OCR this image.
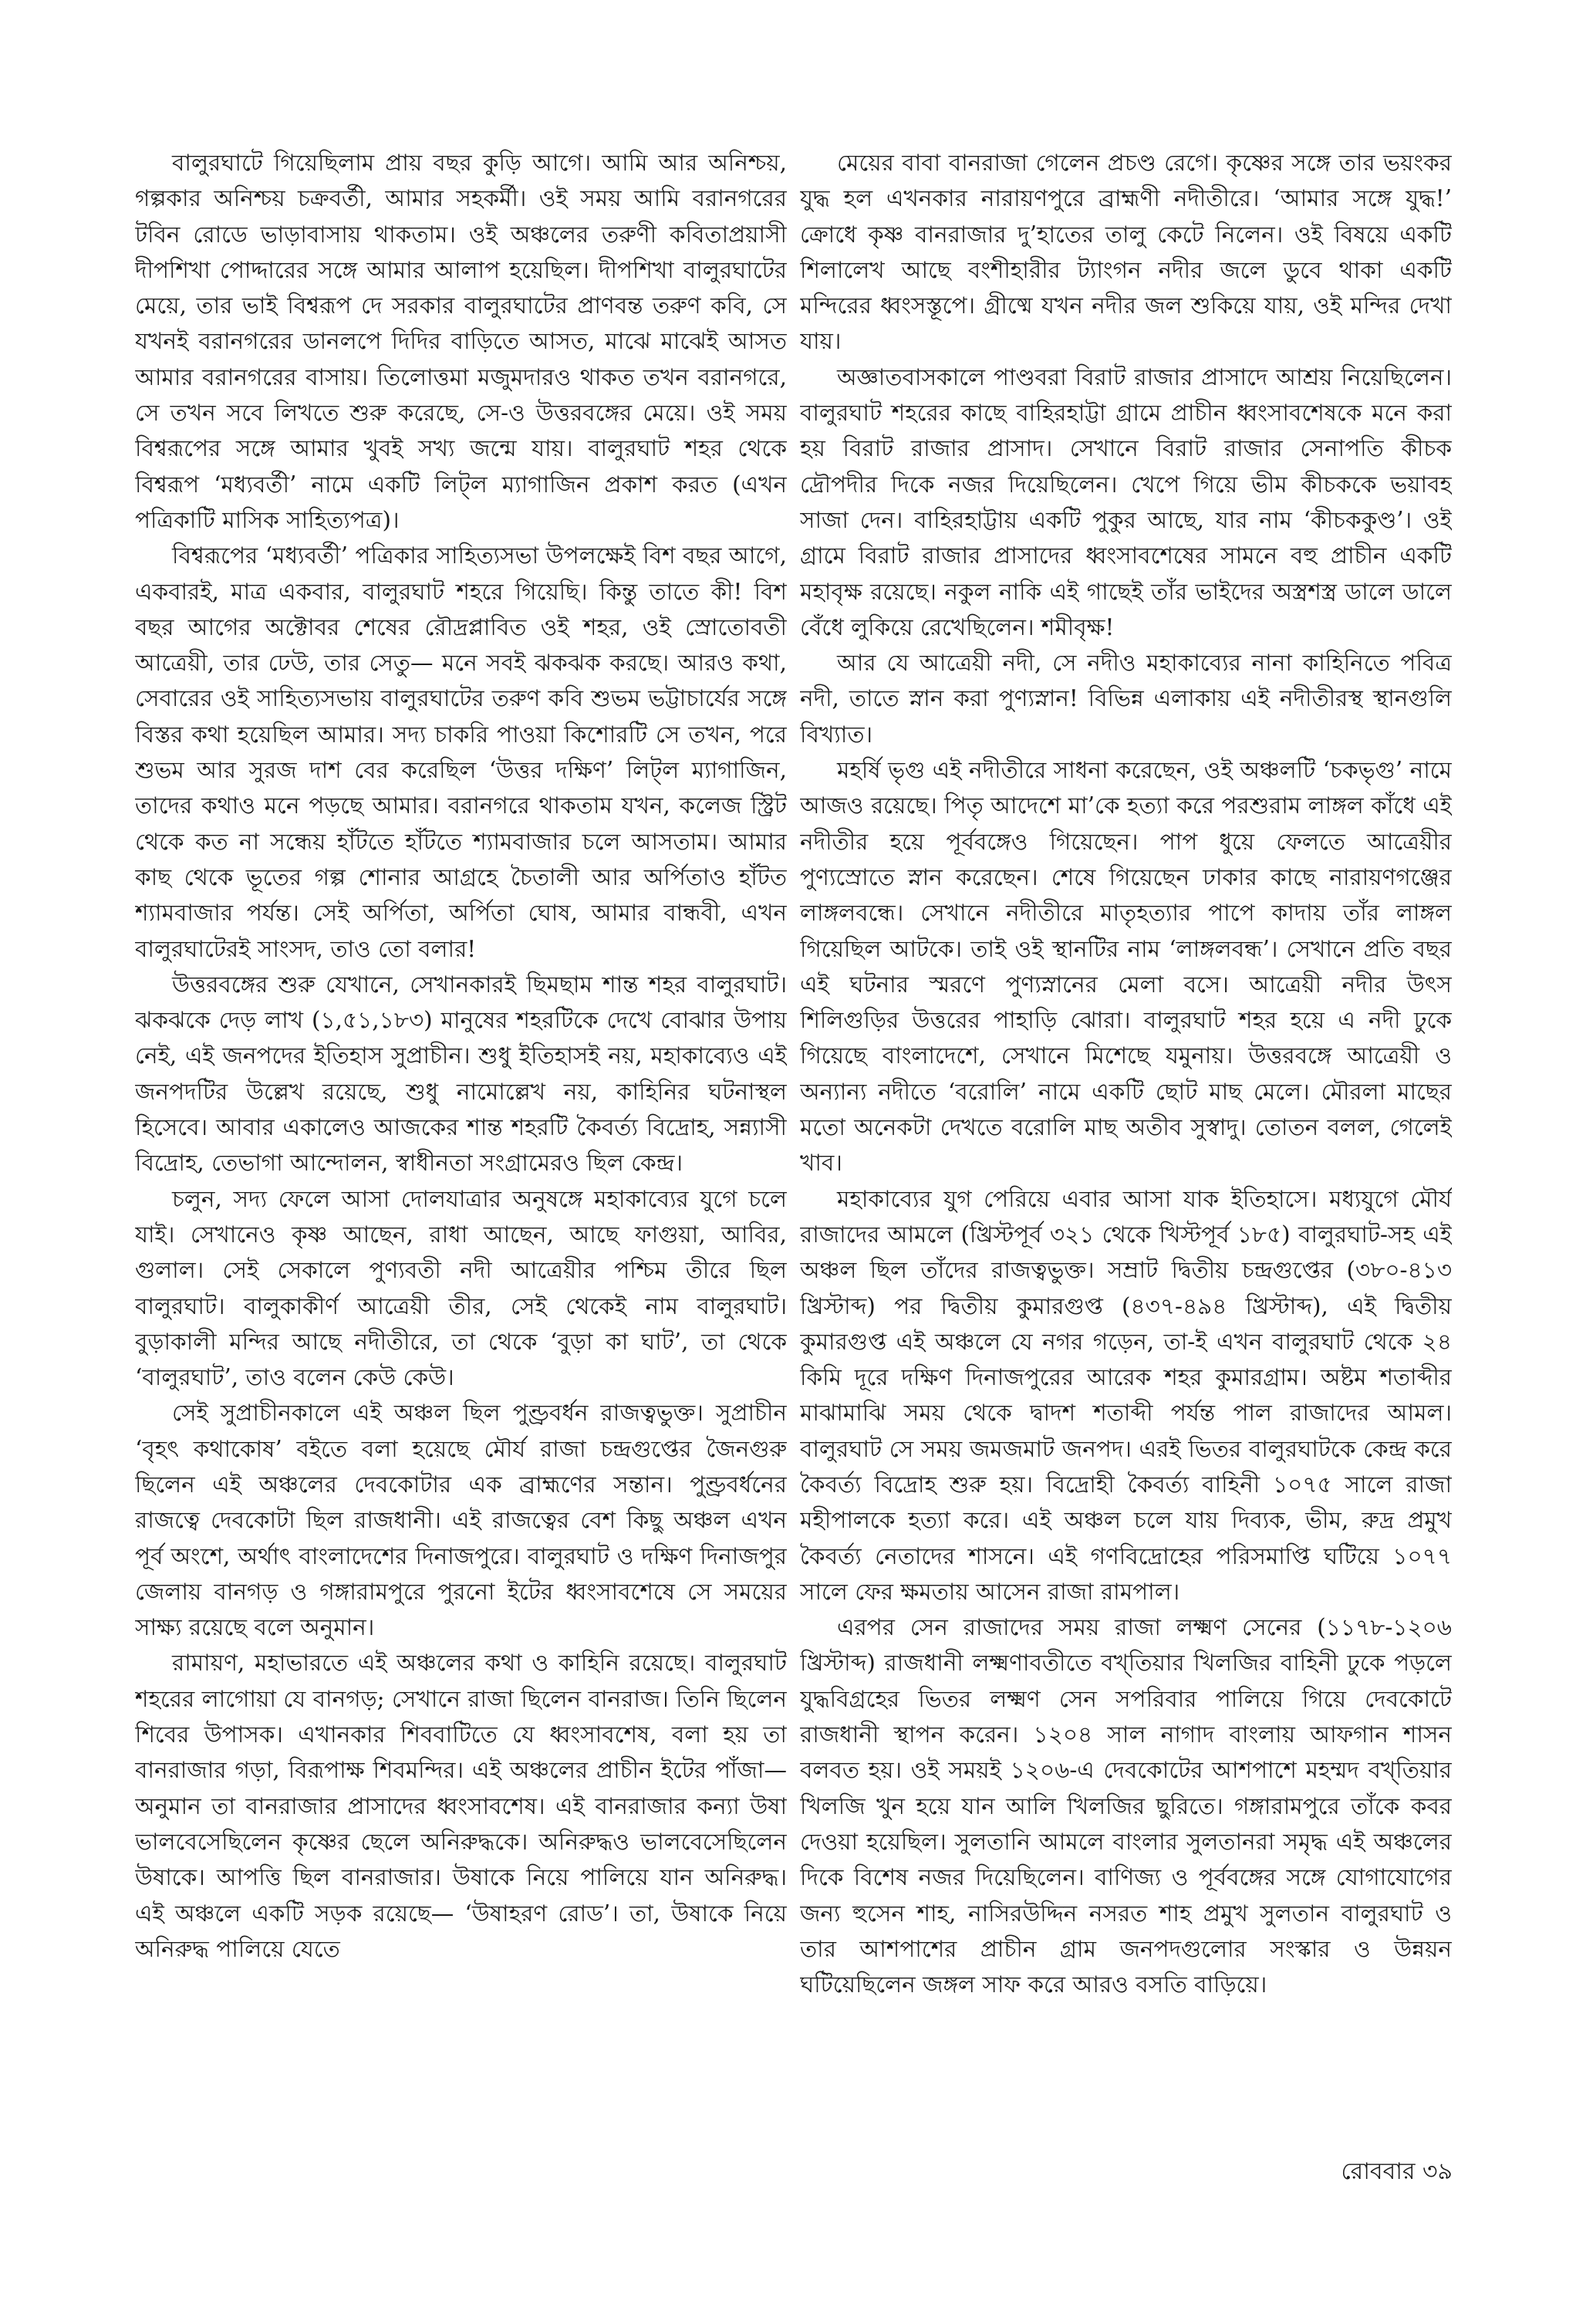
বালুরঘাটে গিয়েছিলাম প্রায় বছর কুড়ি আগে। আমি আর অনিশ্চয়, গল্পকার অনিশ্চয় চক্রবর্তী, আমার সহকর্মী। ওই সময় আমি বরানগরের টবিন রোডে ভাড়াবাসায় থাকতাম। ওই অঞ্চলের তরুণী কবিতাপ্রয়াসী দীপশিখা পোদ্দারের সঙ্গে আমার আলাপ হয়েছিল। দীপশিখা বালুরঘাটের মেয়ে, তার ভাই বিশ্বরূপ দে সরকার বালুরঘাটের প্রাণবন্ত তরুণ কবি, সে যখনই বরানগরের ডানলপে দিদির বাড়িতে আসত, মাঝে মাঝেই আসত আমার বরানগরের বাসায়। তিলোত্তমা মজুমদারও থাকত তখন বরানগরে, সে তখন সবে লিখতে শুরু করেছে, সে-ও উত্তরবঙ্গের মেয়ে। ওই সময় বিশ্বরূপের সঙ্গে আমার খুবই সখ্য জন্মে যায়। বালুরঘাট শহর থেকে বিশ্বরূপ ‘মধ্যবর্তী’ নামে একটি লিট্‌ল ম্যাগাজিন প্রকাশ করত (এখন পত্রিকাটি মাসিক সাহিত্যপত্র)।

বিশ্বরূপের ‘মধ্যবর্তী’ পত্রিকার সাহিত্যসভা উপলক্ষেই বিশ বছর আগে, একবারই, মাত্র একবার, বালুরঘাট শহরে গিয়েছি। কিন্তু তাতে কী! বিশ বছর আগের অক্টোবর শেষের রৌদ্রপ্লাবিত ওই শহর, ওই স্রোতোবতী আত্রেয়ী, তার ঢেউ, তার সেতু— মনে সবই ঝকঝক করছে। আরও কথা, সেবারের ওই সাহিত্যসভায় বালুরঘাটের তরুণ কবি শুভম ভট্টাচার্যের সঙ্গে বিস্তর কথা হয়েছিল আমার। সদ্য চাকরি পাওয়া কিশোরটি সে তখন, পরে শুভম আর সুরজ দাশ বের করেছিল ‘উত্তর দক্ষিণ’ লিট্‌ল ম্যাগাজিন, তাদের কথাও মনে পড়ছে আমার। বরানগরে থাকতাম যখন, কলেজ স্ট্রিট থেকে কত না সন্ধেয় হাঁটতে হাঁটতে শ্যামবাজার চলে আসতাম। আমার কাছ থেকে ভূতের গল্প শোনার আগ্রহে চৈতালী আর অর্পিতাও হাঁটত শ্যামবাজার পর্যন্ত। সেই অর্পিতা, অর্পিতা ঘোষ, আমার বান্ধবী, এখন বালুরঘাটেরই সাংসদ, তাও তো বলার!

উত্তরবঙ্গের শুরু যেখানে, সেখানকারই ছিমছাম শান্ত শহর বালুরঘাট। ঝকঝকে দেড় লাখ (১,৫১,১৮৩) মানুষের শহরটিকে দেখে বোঝার উপায় নেই, এই জনপদের ইতিহাস সুপ্রাচীন। শুধু ইতিহাসই নয়, মহাকাব্যেও এই জনপদটির উল্লেখ রয়েছে, শুধু নামোল্লেখ নয়, কাহিনির ঘটনাস্থল হিসেবে। আবার একালেও আজকের শান্ত শহরটি কৈবর্ত্য বিদ্রোহ, সন্ন্যাসী বিদ্রোহ, তেভাগা আন্দোলন, স্বাধীনতা সংগ্রামেরও ছিল কেন্দ্র।

চলুন, সদ্য ফেলে আসা দোলযাত্রার অনুষঙ্গে মহাকাব্যের যুগে চলে যাই। সেখানেও কৃষ্ণ আছেন, রাধা আছেন, আছে ফাগুয়া, আবির, গুলাল। সেই সেকালে পুণ্যবতী নদী আত্রেয়ীর পশ্চিম তীরে ছিল বালুরঘাট। বালুকাকীর্ণ আত্রেয়ী তীর, সেই থেকেই নাম বালুরঘাট। বুড়াকালী মন্দির আছে নদীতীরে, তা থেকে ‘বুড়া কা ঘাট’, তা থেকে ‘বালুরঘাট’, তাও বলেন কেউ কেউ।

সেই সুপ্রাচীনকালে এই অঞ্চল ছিল পুণ্ড্রবর্ধন রাজত্বভুক্ত। সুপ্রাচীন ‘বৃহৎ কথাকোষ’ বইতে বলা হয়েছে মৌর্য রাজা চন্দ্রগুপ্তের জৈনগুরু ছিলেন এই অঞ্চলের দেবকোটার এক ব্রাহ্মণের সন্তান। পুণ্ড্রবর্ধনের রাজত্বে দেবকোটা ছিল রাজধানী। এই রাজত্বের বেশ কিছু অঞ্চল এখন পূর্ব অংশে, অর্থাৎ বাংলাদেশের দিনাজপুরে। বালুরঘাট ও দক্ষিণ দিনাজপুর জেলায় বানগড় ও গঙ্গারামপুরে পুরনো ইটের ধ্বংসাবশেষে সে সময়ের সাক্ষ্য রয়েছে বলে অনুমান।

রামায়ণ, মহাভারতে এই অঞ্চলের কথা ও কাহিনি রয়েছে। বালুরঘাট শহরের লাগোয়া যে বানগড়; সেখানে রাজা ছিলেন বানরাজ। তিনি ছিলেন শিবের উপাসক। এখানকার শিববাটিতে যে ধ্বংসাবশেষ, বলা হয় তা বানরাজার গড়া, বিরূপাক্ষ শিবমন্দির। এই অঞ্চলের প্রাচীন ইটের পাঁজা— অনুমান তা বানরাজার প্রাসাদের ধ্বংসাবশেষ। এই বানরাজার কন্যা উষা ভালবেসেছিলেন কৃষ্ণের ছেলে অনিরুদ্ধকে। অনিরুদ্ধও ভালবেসেছিলেন উষাকে। আপত্তি ছিল বানরাজার। উষাকে নিয়ে পালিয়ে যান অনিরুদ্ধ। এই অঞ্চলে একটি সড়ক রয়েছে— ‘উষাহরণ রোড’। তা, উষাকে নিয়ে অনিরুদ্ধ পালিয়ে যেতে

মেয়ের বাবা বানরাজা গেলেন প্রচণ্ড রেগে। কৃষ্ণের সঙ্গে তার ভয়ংকর যুদ্ধ হল এখনকার নারায়ণপুরে ব্রাহ্মণী নদীতীরে। ‘আমার সঙ্গে যুদ্ধ!’ ক্রোধে কৃষ্ণ বানরাজার দু’হাতের তালু কেটে নিলেন। ওই বিষয়ে একটি শিলালেখ আছে বংশীহারীর ট্যাংগন নদীর জলে ডুবে থাকা একটি মন্দিরের ধ্বংসস্তূপে। গ্রীষ্মে যখন নদীর জল শুকিয়ে যায়, ওই মন্দির দেখা যায়।

অজ্ঞাতবাসকালে পাণ্ডবরা বিরাট রাজার প্রাসাদে আশ্রয় নিয়েছিলেন। বালুরঘাট শহরের কাছে বাহিরহাট্টা গ্রামে প্রাচীন ধ্বংসাবশেষকে মনে করা হয় বিরাট রাজার প্রাসাদ। সেখানে বিরাট রাজার সেনাপতি কীচক দ্রৌপদীর দিকে নজর দিয়েছিলেন। খেপে গিয়ে ভীম কীচককে ভয়াবহ সাজা দেন। বাহিরহাট্টায় একটি পুকুর আছে, যার নাম ‘কীচককুণ্ড’। ওই গ্রামে বিরাট রাজার প্রাসাদের ধ্বংসাবশেষের সামনে বহু প্রাচীন একটি মহাবৃক্ষ রয়েছে। নকুল নাকি এই গাছেই তাঁর ভাইদের অস্ত্রশস্ত্র ডালে ডালে বেঁধে লুকিয়ে রেখেছিলেন। শমীবৃক্ষ!

আর যে আত্রেয়ী নদী, সে নদীও মহাকাব্যের নানা কাহিনিতে পবিত্র নদী, তাতে স্নান করা পুণ্যস্নান! বিভিন্ন এলাকায় এই নদীতীরস্থ স্থানগুলি বিখ্যাত।

মহর্ষি ভৃগু এই নদীতীরে সাধনা করেছেন, ওই অঞ্চলটি ‘চকভৃগু’ নামে আজও রয়েছে। পিতৃ আদেশে মা’কে হত্যা করে পরশুরাম লাঙ্গল কাঁধে এই নদীতীর হয়ে পূর্ববঙ্গেও গিয়েছেন। পাপ ধুয়ে ফেলতে আত্রেয়ীর পুণ্যস্রোতে স্নান করেছেন। শেষে গিয়েছেন ঢাকার কাছে নারায়ণগঞ্জের লাঙ্গলবন্ধে। সেখানে নদীতীরে মাতৃহত্যার পাপে কাদায় তাঁর লাঙ্গল গিয়েছিল আটকে। তাই ওই স্থানটির নাম ‘লাঙ্গলবন্ধ’। সেখানে প্রতি বছর এই ঘটনার স্মরণে পুণ্যস্নানের মেলা বসে। আত্রেয়ী নদীর উৎস শিলিগুড়ির উত্তরের পাহাড়ি ঝোরা। বালুরঘাট শহর হয়ে এ নদী ঢুকে গিয়েছে বাংলাদেশে, সেখানে মিশেছে যমুনায়। উত্তরবঙ্গে আত্রেয়ী ও অন্যান্য নদীতে ‘বরোলি’ নামে একটি ছোট মাছ মেলে। মৌরলা মাছের মতো অনেকটা দেখতে বরোলি মাছ অতীব সুস্বাদু। তোতন বলল, গেলেই খাব।

মহাকাব্যের যুগ পেরিয়ে এবার আসা যাক ইতিহাসে। মধ্যযুগে মৌর্য রাজাদের আমলে (খ্রিস্টপূর্ব ৩২১ থেকে খিস্টপূর্ব ১৮৫) বালুরঘাট-সহ এই অঞ্চল ছিল তাঁদের রাজত্বভুক্ত। সম্রাট দ্বিতীয় চন্দ্রগুপ্তের (৩৮০-৪১৩ খ্রিস্টাব্দ) পর দ্বিতীয় কুমারগুপ্ত (৪৩৭-৪৯৪ খ্রিস্টাব্দ), এই দ্বিতীয় কুমারগুপ্ত এই অঞ্চলে যে নগর গড়েন, তা-ই এখন বালুরঘাট থেকে ২৪ কিমি দূরে দক্ষিণ দিনাজপুরের আরেক শহর কুমারগ্রাম। অষ্টম শতাব্দীর মাঝামাঝি সময় থেকে দ্বাদশ শতাব্দী পর্যন্ত পাল রাজাদের আমল। বালুরঘাট সে সময় জমজমাট জনপদ। এরই ভিতর বালুরঘাটকে কেন্দ্র করে কৈবর্ত্য বিদ্রোহ শুরু হয়। বিদ্রোহী কৈবর্ত্য বাহিনী ১০৭৫ সালে রাজা মহীপালকে হত্যা করে। এই অঞ্চল চলে যায় দিব্যক, ভীম, রুদ্র প্রমুখ কৈবর্ত্য নেতাদের শাসনে। এই গণবিদ্রোহের পরিসমাপ্তি ঘটিয়ে ১০৭৭ সালে ফের ক্ষমতায় আসেন রাজা রামপাল।

এরপর সেন রাজাদের সময় রাজা লক্ষ্মণ সেনের (১১৭৮-১২০৬ খ্রিস্টাব্দ) রাজধানী লক্ষ্মণাবতীতে বখ্‌তিয়ার খিলজির বাহিনী ঢুকে পড়লে যুদ্ধবিগ্রহের ভিতর লক্ষ্মণ সেন সপরিবার পালিয়ে গিয়ে দেবকোটে রাজধানী স্থাপন করেন। ১২০৪ সাল নাগাদ বাংলায় আফগান শাসন বলবত হয়। ওই সময়ই ১২০৬-এ দেবকোটের আশপাশে মহম্মদ বখ্‌তিয়ার খিলজি খুন হয়ে যান আলি খিলজির ছুরিতে। গঙ্গারামপুরে তাঁকে কবর দেওয়া হয়েছিল। সুলতানি আমলে বাংলার সুলতানরা সমৃদ্ধ এই অঞ্চলের দিকে বিশেষ নজর দিয়েছিলেন। বাণিজ্য ও পূর্ববঙ্গের সঙ্গে যোগাযোগের জন্য হুসেন শাহ, নাসিরউদ্দিন নসরত শাহ প্রমুখ সুলতান বালুরঘাট ও তার আশপাশের প্রাচীন গ্রাম জনপদগুলোর সংস্কার ও উন্নয়ন ঘটিয়েছিলেন জঙ্গল সাফ করে আরও বসতি বাড়িয়ে।

রোববার ৩৯
